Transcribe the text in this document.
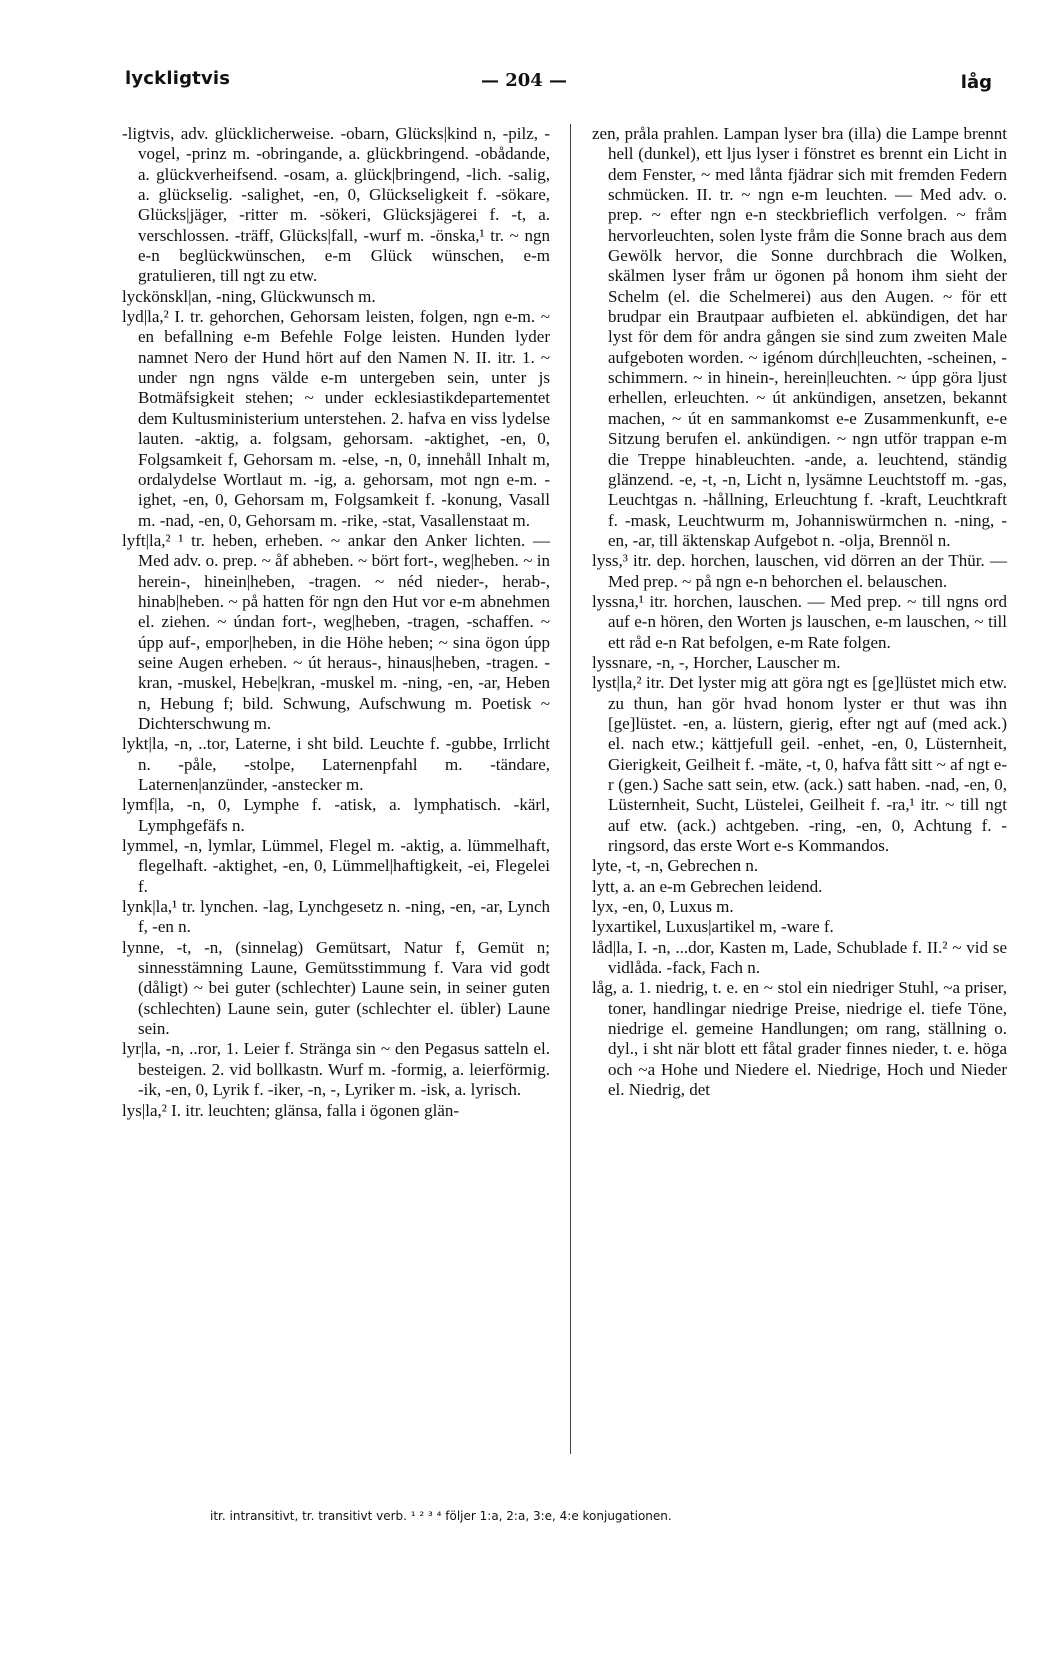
lyckligtvis	— 204 —	låg

-ligtvis, adv. glücklicherweise. -obarn, Glücks|kind n, -pilz, -vogel, -prinz m. -obringande, a. glückbringend. -obådande, a. glückverheifsend. -osam, a. glück|bringend, -lich. -salig, a. glückselig. -salighet, -en, 0, Glückseligkeit f. -sökare, Glücks|jäger, -ritter m. -sökeri, Glücksjägerei f. -t, a. verschlossen. -träff, Glücks|fall, -wurf m. -önska,¹ tr. ~ ngn e-n beglückwünschen, e-m Glück wünschen, e-m gratulieren, till ngt zu etw.

lyckönskl|an, -ning, Glückwunsch m.

lyd|la,² I. tr. gehorchen, Gehorsam leisten, folgen, ngn e-m. ~ en befallning e-m Befehle Folge leisten. Hunden lyder namnet Nero der Hund hört auf den Namen N. II. itr. 1. ~ under ngn ngns välde e-m untergeben sein, unter js Botmäfsigkeit stehen; ~ under ecklesiastikdepartementet dem Kultusministerium unterstehen. 2. hafva en viss lydelse lauten. -aktig, a. folgsam, gehorsam. -aktighet, -en, 0, Folgsamkeit f, Gehorsam m. -else, -n, 0, innehåll Inhalt m, ordalydelse Wortlaut m. -ig, a. gehorsam, mot ngn e-m. -ighet, -en, 0, Gehorsam m, Folgsamkeit f. -konung, Vasall m. -nad, -en, 0, Gehorsam m. -rike, -stat, Vasallenstaat m.

lyft|la,² ¹ tr. heben, erheben. ~ ankar den Anker lichten. — Med adv. o. prep. ~ åf abheben. ~ bört fort-, weg|heben. ~ in herein-, hinein|heben, -tragen. ~ néd nieder-, herab-, hinab|heben. ~ på hatten för ngn den Hut vor e-m abnehmen el. ziehen. ~ úndan fort-, weg|heben, -tragen, -schaffen. ~ úpp auf-, empor|heben, in die Höhe heben; ~ sina ögon úpp seine Augen erheben. ~ út heraus-, hinaus|heben, -tragen. -kran, -muskel, Hebe|kran, -muskel m. -ning, -en, -ar, Heben n, Hebung f; bild. Schwung, Aufschwung m. Poetisk ~ Dichterschwung m.

lykt|la, -n, ..tor, Laterne, i sht bild. Leuchte f. -gubbe, Irrlicht n. -påle, -stolpe, Laternenpfahl m. -tändare, Laternen|anzünder, -anstecker m.

lymf|la, -n, 0, Lymphe f. -atisk, a. lymphatisch. -kärl, Lymphgefäfs n.

lymmel, -n, lymlar, Lümmel, Flegel m. -aktig, a. lümmelhaft, flegelhaft. -aktighet, -en, 0, Lümmel|haftigkeit, -ei, Flegelei f.

lynk|la,¹ tr. lynchen. -lag, Lynchgesetz n. -ning, -en, -ar, Lynch f, -en n.

lynne, -t, -n, (sinnelag) Gemütsart, Natur f, Gemüt n; sinnesstämning Laune, Gemütsstimmung f. Vara vid godt (dåligt) ~ bei guter (schlechter) Laune sein, in seiner guten (schlechten) Laune sein, guter (schlechter el. übler) Laune sein.

lyr|la, -n, ..ror, 1. Leier f. Stränga sin ~ den Pegasus satteln el. besteigen. 2. vid bollkastn. Wurf m. -formig, a. leierförmig. -ik, -en, 0, Lyrik f. -iker, -n, -, Lyriker m. -isk, a. lyrisch.

lys|la,² I. itr. leuchten; glänsa, falla i ögonen glän-

zen, pråla prahlen. Lampan lyser bra (illa) die Lampe brennt hell (dunkel), ett ljus lyser i fönstret es brennt ein Licht in dem Fenster, ~ med lånta fjädrar sich mit fremden Federn schmücken. II. tr. ~ ngn e-m leuchten. — Med adv. o. prep. ~ efter ngn e-n steckbrieflich verfolgen. ~ fråm hervorleuchten, solen lyste fråm die Sonne brach aus dem Gewölk hervor, die Sonne durchbrach die Wolken, skälmen lyser fråm ur ögonen på honom ihm sieht der Schelm (el. die Schelmerei) aus den Augen. ~ för ett brudpar ein Brautpaar aufbieten el. abkündigen, det har lyst för dem för andra gången sie sind zum zweiten Male aufgeboten worden. ~ igénom dúrch|leuchten, -scheinen, -schimmern. ~ in hinein-, herein|leuchten. ~ úpp göra ljust erhellen, erleuchten. ~ út ankündigen, ansetzen, bekannt machen, ~ út en sammankomst e-e Zusammenkunft, e-e Sitzung berufen el. ankündigen. ~ ngn utför trappan e-m die Treppe hinableuchten. -ande, a. leuchtend, ständig glänzend. -e, -t, -n, Licht n, lysämne Leuchtstoff m. -gas, Leuchtgas n. -hållning, Erleuchtung f. -kraft, Leuchtkraft f. -mask, Leuchtwurm m, Johanniswürmchen n. -ning, -en, -ar, till äktenskap Aufgebot n. -olja, Brennöl n.

lyss,³ itr. dep. horchen, lauschen, vid dörren an der Thür. — Med prep. ~ på ngn e-n behorchen el. belauschen.

lyssna,¹ itr. horchen, lauschen. — Med prep. ~ till ngns ord auf e-n hören, den Worten js lauschen, e-m lauschen, ~ till ett råd e-n Rat befolgen, e-m Rate folgen.

lyssnare, -n, -, Horcher, Lauscher m.

lyst|la,² itr. Det lyster mig att göra ngt es [ge]lüstet mich etw. zu thun, han gör hvad honom lyster er thut was ihn [ge]lüstet. -en, a. lüstern, gierig, efter ngt auf (med ack.) el. nach etw.; kättjefull geil. -enhet, -en, 0, Lüsternheit, Gierigkeit, Geilheit f. -mäte, -t, 0, hafva fått sitt ~ af ngt e-r (gen.) Sache satt sein, etw. (ack.) satt haben. -nad, -en, 0, Lüsternheit, Sucht, Lüstelei, Geilheit f. -ra,¹ itr. ~ till ngt auf etw. (ack.) achtgeben. -ring, -en, 0, Achtung f. -ringsord, das erste Wort e-s Kommandos.

lyte, -t, -n, Gebrechen n.

lytt, a. an e-m Gebrechen leidend.

lyx, -en, 0, Luxus m.

lyxartikel, Luxus|artikel m, -ware f.

låd|la, I. -n, ...dor, Kasten m, Lade, Schublade f. II.² ~ vid se vidlåda. -fack, Fach n.

låg, a. 1. niedrig, t. e. en ~ stol ein niedriger Stuhl, ~a priser, toner, handlingar niedrige Preise, niedrige el. tiefe Töne, niedrige el. gemeine Handlungen; om rang, ställning o. dyl., i sht när blott ett fåtal grader finnes nieder, t. e. höga och ~a Hohe und Niedere el. Niedrige, Hoch und Nieder el. Niedrig, det

itr. intransitivt, tr. transitivt verb. ¹ ² ³ ⁴ följer 1:a, 2:a, 3:e, 4:e konjugationen.
